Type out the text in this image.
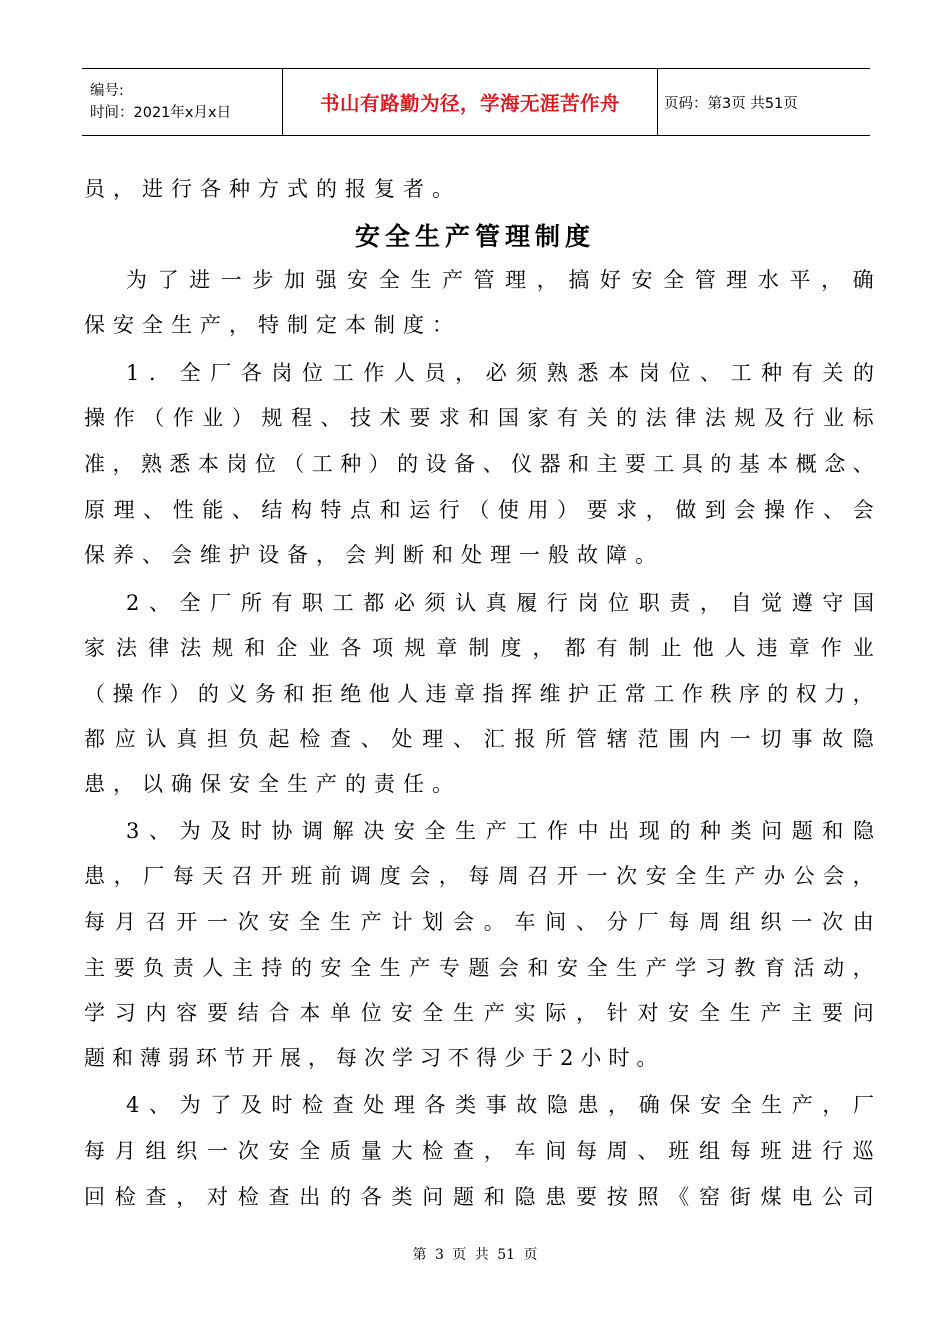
编号:
时间：2021年x月x日	书山有路勤为径，学海无涯苦作舟	页码：第3页 共51页
安全生产管理制度
员，进行各种方式的报复者。
为 了 进 一 步 加 强 安 全 生 产 管 理 ， 搞 好 安 全 管 理 水 平 ， 确
保安全生产，特制定本制度：
1 ． 全 厂 各 岗 位 工 作 人 员 ， 必 须 熟 悉 本 岗 位 、 工 种 有 关 的
操 作 （ 作 业 ） 规 程 、 技 术 要 求 和 国 家 有 关 的 法 律 法 规 及 行 业 标
准 ， 熟 悉 本 岗 位 （ 工 种 ） 的 设 备 、 仪 器 和 主 要 工 具 的 基 本 概 念 、
原 理 、 性 能 、 结 构 特 点 和 运 行 （ 使 用 ） 要 求 ， 做 到 会 操 作 、 会
保养、会维护设备，会判断和处理一般故障。
2 、 全 厂 所 有 职 工 都 必 须 认 真 履 行 岗 位 职 责 ， 自 觉 遵 守 国
家 法 律 法 规 和 企 业 各 项 规 章 制 度 ， 都 有 制 止 他 人 违 章 作 业
（ 操 作 ） 的 义 务 和 拒 绝 他 人 违 章 指 挥 维 护 正 常 工 作 秩 序 的 权 力 ，
都 应 认 真 担 负 起 检 查 、 处 理 、 汇 报 所 管 辖 范 围 内 一 切 事 故 隐
患，以确保安全生产的责任。
3 、 为 及 时 协 调 解 决 安 全 生 产 工 作 中 出 现 的 种 类 问 题 和 隐
患 ， 厂 每 天 召 开 班 前 调 度 会 ， 每 周 召 开 一 次 安 全 生 产 办 公 会 ，
每 月 召 开 一 次 安 全 生 产 计 划 会 。 车 间 、 分 厂 每 周 组 织 一 次 由
主 要 负 责 人 主 持 的 安 全 生 产 专 题 会 和 安 全 生 产 学 习 教 育 活 动 ，
学 习 内 容 要 结 合 本 单 位 安 全 生 产 实 际 ， 针 对 安 全 生 产 主 要 问
题和薄弱环节开展，每次学习不得少于2小时。
4 、 为 了 及 时 检 查 处 理 各 类 事 故 隐 患 ， 确 保 安 全 生 产 ， 厂
每 月 组 织 一 次 安 全 质 量 大 检 查 ， 车 间 每 周 、 班 组 每 班 进 行 巡
回 检 查 ， 对 检 查 出 的 各 类 问 题 和 隐 患 要 按 照 《 窑 街 煤 电 公 司
第 3 页 共 51 页
